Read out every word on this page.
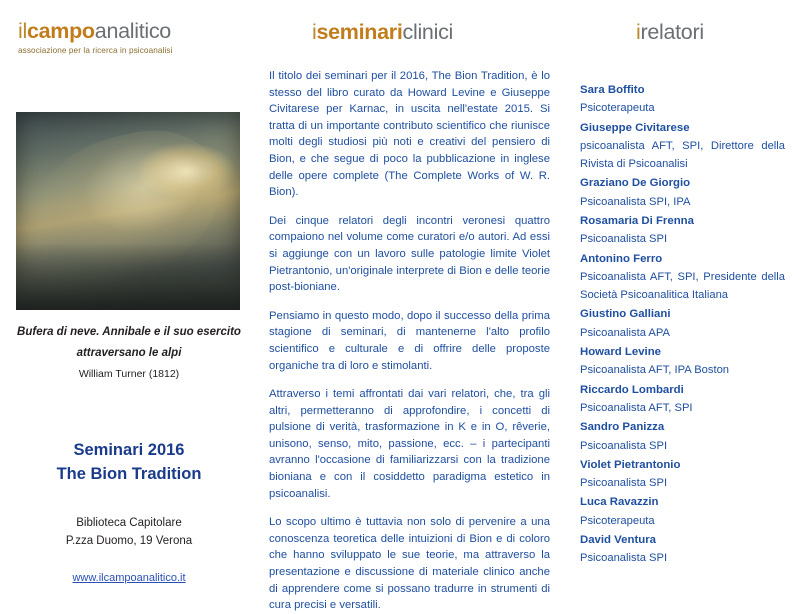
ilcampoanalitico
associazione per la ricerca in psicoanalisi
Bufera di neve. Annibale e il suo esercito
attraversano le alpi
William Turner (1812)
Seminari 2016
The Bion Tradition
Biblioteca Capitolare
P.zza Duomo, 19 Verona
www.ilcampoanalitico.it
iseminariclinici

Il titolo dei seminari per il 2016, The Bion Tradition, è lo stesso del libro curato da Howard Levine e Giuseppe Civitarese per Karnac, in uscita nell'estate 2015. Si tratta di un importante contributo scientifico che riunisce molti degli studiosi più noti e creativi del pensiero di Bion, e che segue di poco la pubblicazione in inglese delle opere complete (The Complete Works of W. R. Bion).

Dei cinque relatori degli incontri veronesi quattro compaiono nel volume come curatori e/o autori. Ad essi si aggiunge con un lavoro sulle patologie limite Violet Pietrantonio, un'originale interprete di Bion e delle teorie post-bioniane.

Pensiamo in questo modo, dopo il successo della prima stagione di seminari, di mantenerne l'alto profilo scientifico e culturale e di offrire delle proposte organiche tra di loro e stimolanti.

Attraverso i temi affrontati dai vari relatori, che, tra gli altri, permetteranno di approfondire, i concetti di pulsione di verità, trasformazione in K e in O, rêverie, unisono, senso, mito, passione, ecc. – i partecipanti avranno l'occasione di familiarizzarsi con la tradizione bioniana e con il cosiddetto paradigma estetico in psicoanalisi.

Lo scopo ultimo è tuttavia non solo di pervenire a una conoscenza teoretica delle intuizioni di Bion e di coloro che hanno sviluppato le sue teorie, ma attraverso la presentazione e discussione di materiale clinico anche di apprendere come si possano tradurre in strumenti di cura precisi e versatili.

irelatori
Sara Boffito
Psicoterapeuta
Giuseppe Civitarese
psicoanalista AFT, SPI, Direttore della Rivista di Psicoanalisi
Graziano De Giorgio
Psicoanalista SPI, IPA
Rosamaria Di Frenna
Psicoanalista SPI
Antonino Ferro
Psicoanalista AFT, SPI, Presidente della Società Psicoanalitica Italiana
Giustino Galliani
Psicoanalista APA
Howard Levine
Psicoanalista AFT, IPA Boston
Riccardo Lombardi
Psicoanalista AFT, SPI
Sandro Panizza
Psicoanalista SPI
Violet Pietrantonio
Psicoanalista SPI
Luca Ravazzin
Psicoterapeuta
David Ventura
Psicoanalista SPI
